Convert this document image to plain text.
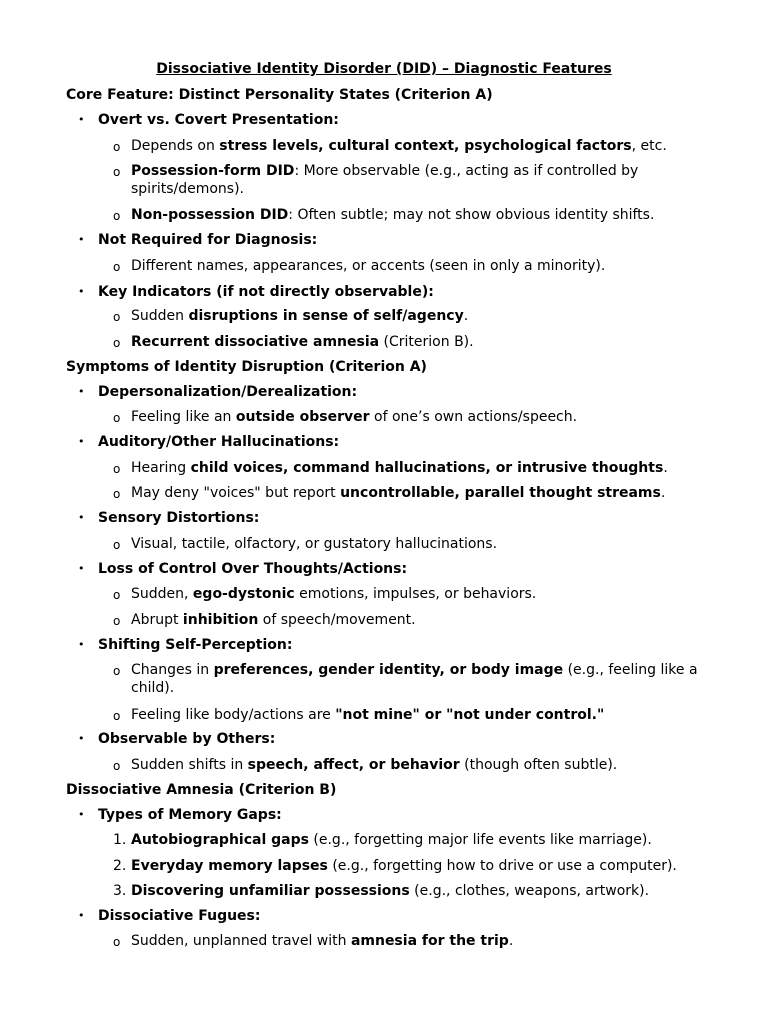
Dissociative Identity Disorder (DID) – Diagnostic Features
Core Feature: Distinct Personality States (Criterion A)
• Overt vs. Covert Presentation:
o Depends on stress levels, cultural context, psychological factors, etc.
o Possession-form DID: More observable (e.g., acting as if controlled by spirits/demons).
o Non-possession DID: Often subtle; may not show obvious identity shifts.
• Not Required for Diagnosis:
o Different names, appearances, or accents (seen in only a minority).
• Key Indicators (if not directly observable):
o Sudden disruptions in sense of self/agency.
o Recurrent dissociative amnesia (Criterion B).
Symptoms of Identity Disruption (Criterion A)
• Depersonalization/Derealization:
o Feeling like an outside observer of one’s own actions/speech.
• Auditory/Other Hallucinations:
o Hearing child voices, command hallucinations, or intrusive thoughts.
o May deny "voices" but report uncontrollable, parallel thought streams.
• Sensory Distortions:
o Visual, tactile, olfactory, or gustatory hallucinations.
• Loss of Control Over Thoughts/Actions:
o Sudden, ego-dystonic emotions, impulses, or behaviors.
o Abrupt inhibition of speech/movement.
• Shifting Self-Perception:
o Changes in preferences, gender identity, or body image (e.g., feeling like a child).
o Feeling like body/actions are "not mine" or "not under control."
• Observable by Others:
o Sudden shifts in speech, affect, or behavior (though often subtle).
Dissociative Amnesia (Criterion B)
• Types of Memory Gaps:
1. Autobiographical gaps (e.g., forgetting major life events like marriage).
2. Everyday memory lapses (e.g., forgetting how to drive or use a computer).
3. Discovering unfamiliar possessions (e.g., clothes, weapons, artwork).
• Dissociative Fugues:
o Sudden, unplanned travel with amnesia for the trip.
